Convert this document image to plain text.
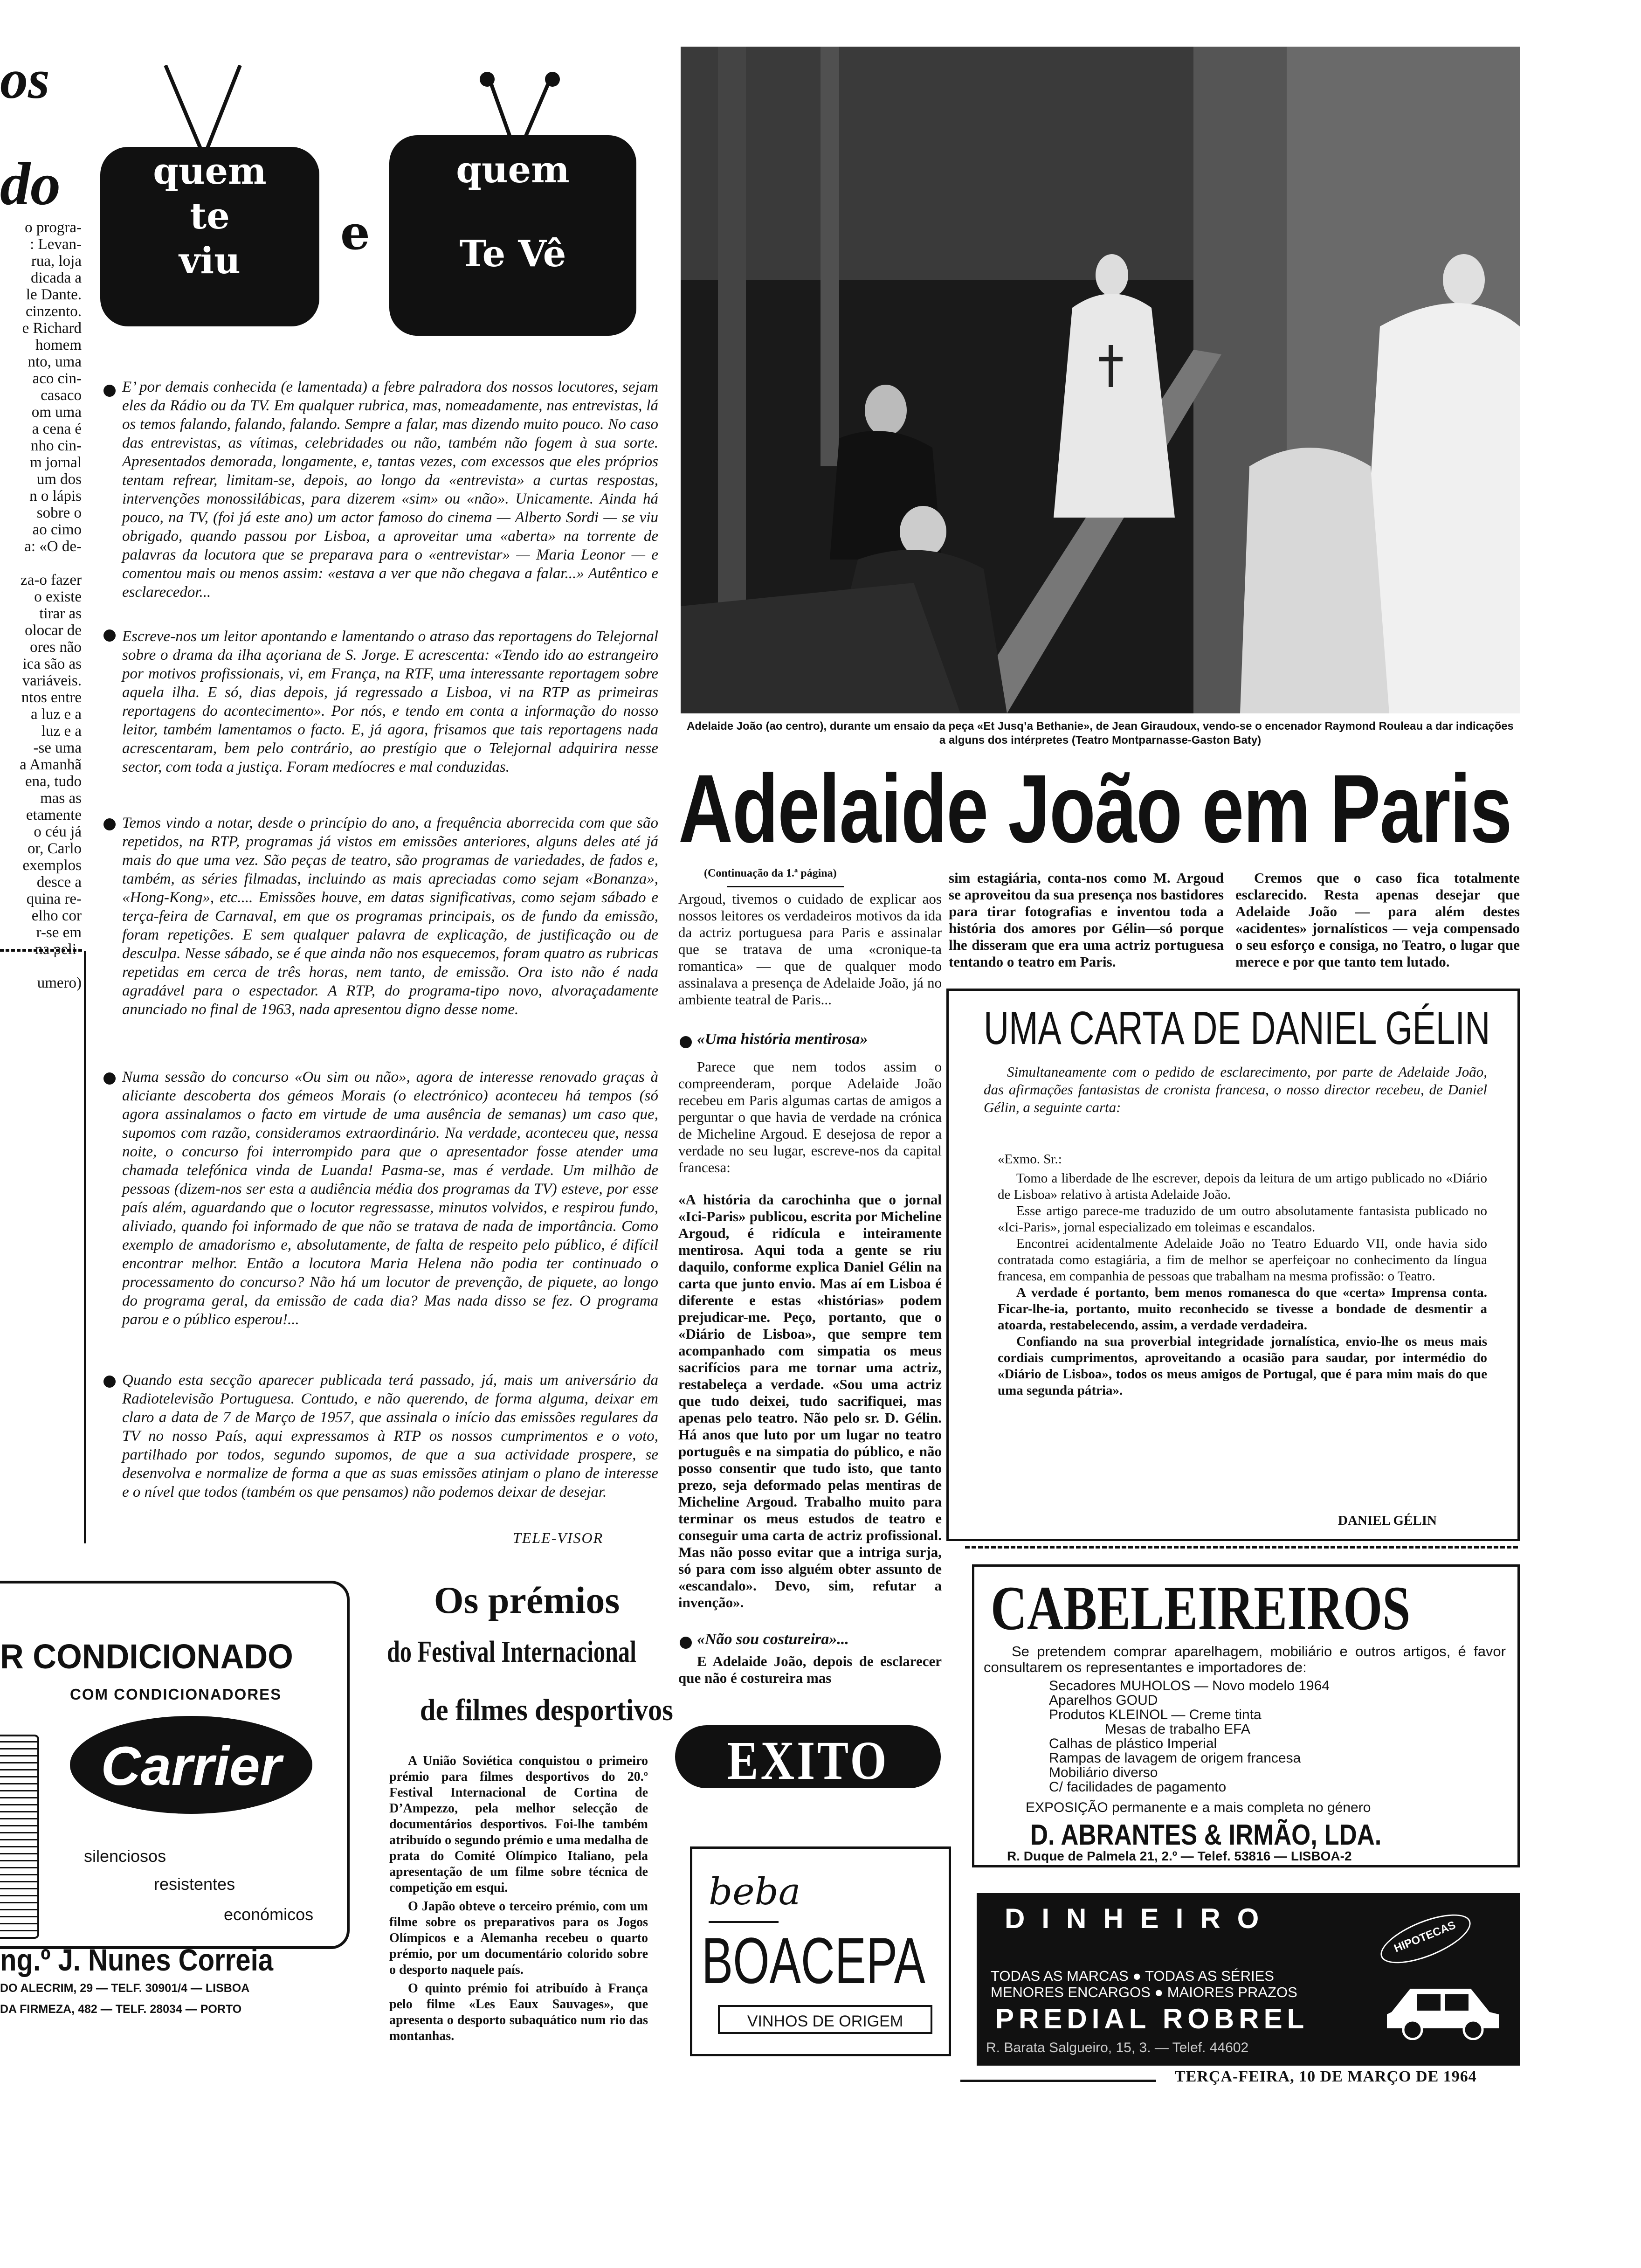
os
do
o progra-
: Levan-
rua, loja
dicada a
le Dante.
cinzento.
e Richard
homem
nto, uma
aco cin-
casaco
om uma
a cena é
nho cin-
m jornal
um dos
n o lápis
sobre o
ao cimo
a: «O de-

za-o fazer
o existe
tirar as
olocar de
ores não
ica são as
variáveis.
ntos entre
a luz e a
luz e a
-se uma
a Amanhã
ena, tudo
mas as
etamente
o céu já
or, Carlo
exemplos
desce a
quina re-
elho cor
r-se em

umero)
quem
te
viu
e
quem
Te Vê
E’ por demais conhecida (e lamentada) a febre palradora dos nossos locutores, sejam eles da Rádio ou da TV. Em qualquer rubrica, mas, nomeadamente, nas entrevistas, lá os temos falando, falando, falando. Sempre a falar, mas dizendo muito pouco. No caso das entrevistas, as vítimas, celebridades ou não, também não fogem à sua sorte. Apresentados demorada, longamente, e, tantas vezes, com excessos que eles próprios tentam refrear, limitam-se, depois, ao longo da «entrevista» a curtas respostas, intervenções monossilábicas, para dizerem «sim» ou «não». Unicamente. Ainda há pouco, na TV, (foi já este ano) um actor famoso do cinema — Alberto Sordi — se viu obrigado, quando passou por Lisboa, a aproveitar uma «aberta» na torrente de palavras da locutora que se preparava para o «entrevistar» — Maria Leonor — e comentou mais ou menos assim: «estava a ver que não chegava a falar...» Autêntico e esclarecedor...
Escreve-nos um leitor apontando e lamentando o atraso das reportagens do Telejornal sobre o drama da ilha açoriana de S. Jorge. E acrescenta: «Tendo ido ao estrangeiro por motivos profissionais, vi, em França, na RTF, uma interessante reportagem sobre aquela ilha. E só, dias depois, já regressado a Lisboa, vi na RTP as primeiras reportagens do acontecimento». Por nós, e tendo em conta a informação do nosso leitor, também lamentamos o facto. E, já agora, frisamos que tais reportagens nada acrescentaram, bem pelo contrário, ao prestígio que o Telejornal adquirira nesse sector, com toda a justiça. Foram medíocres e mal conduzidas.
Temos vindo a notar, desde o princípio do ano, a frequência aborrecida com que são repetidos, na RTP, programas já vistos em emissões anteriores, alguns deles até já mais do que uma vez. São peças de teatro, são programas de variedades, de fados e, também, as séries filmadas, incluindo as mais apreciadas como sejam «Bonanza», «Hong-Kong», etc.... Emissões houve, em datas significativas, como sejam sábado e terça-feira de Carnaval, em que os programas principais, os de fundo da emissão, foram repetições. E sem qualquer palavra de explicação, de justificação ou de desculpa. Nesse sábado, se é que ainda não nos esquecemos, foram quatro as rubricas repetidas em cerca de três horas, nem tanto, de emissão. Ora isto não é nada agradável para o espectador. A RTP, do programa-tipo novo, alvoraçadamente anunciado no final de 1963, nada apresentou digno desse nome.
Numa sessão do concurso «Ou sim ou não», agora de interesse renovado graças à aliciante descoberta dos gémeos Morais (o electrónico) aconteceu há tempos (só agora assinalamos o facto em virtude de uma ausência de semanas) um caso que, supomos com razão, consideramos extraordinário. Na verdade, aconteceu que, nessa noite, o concurso foi interrompido para que o apresentador fosse atender uma chamada telefónica vinda de Luanda! Pasma-se, mas é verdade. Um milhão de pessoas (dizem-nos ser esta a audiência média dos programas da TV) esteve, por esse país além, aguardando que o locutor regressasse, minutos volvidos, e respirou fundo, aliviado, quando foi informado de que não se tratava de nada de importância. Como exemplo de amadorismo e, absolutamente, de falta de respeito pelo público, é difícil encontrar melhor. Então a locutora Maria Helena não podia ter continuado o processamento do concurso? Não há um locutor de prevenção, de piquete, ao longo do programa geral, da emissão de cada dia? Mas nada disso se fez. O programa parou e o público esperou!...
Quando esta secção aparecer publicada terá passado, já, mais um aniversário da Radiotelevisão Portuguesa. Contudo, e não querendo, de forma alguma, deixar em claro a data de 7 de Março de 1957, que assinala o início das emissões regulares da TV no nosso País, aqui expressamos à RTP os nossos cumprimentos e o voto, partilhado por todos, segundo supomos, de que a sua actividade prospere, se desenvolva e normalize de forma a que as suas emissões atinjam o plano de interesse e o nível que todos (também os que pensamos) não podemos deixar de desejar.
TELE-VISOR
Adelaide João (ao centro), durante um ensaio da peça «Et Jusq’a Bethanie», de Jean Giraudoux, vendo-se o encenador Raymond Rouleau a dar indicações a alguns dos intérpretes (Teatro Montparnasse-Gaston Baty)
Adelaide João em Paris
(Continuação da 1.ª página)
Argoud, tivemos o cuidado de explicar aos nossos leitores os verdadeiros motivos da ida da actriz portuguesa para Paris e assinalar que se tratava de uma «cronique-ta romantica» — que de qualquer modo assinalava a presença de Adelaide João, já no ambiente teatral de Paris...
«Uma história mentirosa»
Parece que nem todos assim o compreenderam, porque Adelaide João recebeu em Paris algumas cartas de amigos a perguntar o que havia de verdade na crónica de Micheline Argoud. E desejosa de repor a verdade no seu lugar, escreve-nos da capital francesa:
«A história da carochinha que o jornal «Ici-Paris» publicou, escrita por Micheline Argoud, é ridícula e inteiramente mentirosa. Aqui toda a gente se riu daquilo, conforme explica Daniel Gélin na carta que junto envio. Mas aí em Lisboa é diferente e estas «histórias» podem prejudicar-me. Peço, portanto, que o «Diário de Lisboa», que sempre tem acompanhado com simpatia os meus sacrifícios para me tornar uma actriz, restabeleça a verdade. «Sou uma actriz que tudo deixei, tudo sacrifiquei, mas apenas pelo teatro. Não pelo sr. D. Gélin. Há anos que luto por um lugar no teatro português e na simpatia do público, e não posso consentir que tudo isto, que tanto prezo, seja deformado pelas mentiras de Micheline Argoud. Trabalho muito para terminar os meus estudos de teatro e conseguir uma carta de actriz profissional. Mas não posso evitar que a intriga surja, só para com isso alguém obter assunto de «escandalo». Devo, sim, refutar a invenção».
«Não sou costureira»...
E Adelaide João, depois de esclarecer que não é costureira mas
sim estagiária, conta-nos como M. Argoud se aproveitou da sua presença nos bastidores para tirar fotografias e inventou toda a história dos amores por Gélin—só porque lhe disseram que era uma actriz portuguesa tentando o teatro em Paris.
Cremos que o caso fica totalmente esclarecido. Resta apenas desejar que Adelaide João — para além destes «acidentes» jornalísticos — veja compensado o seu esforço e consiga, no Teatro, o lugar que merece e por que tanto tem lutado.
UMA CARTA DE DANIEL GÉLIN
Simultaneamente com o pedido de esclarecimento, por parte de Adelaide João, das afirmações fantasistas de cronista francesa, o nosso director recebeu, de Daniel Gélin, a seguinte carta:
«Exmo. Sr.:
Tomo a liberdade de lhe escrever, depois da leitura de um artigo publicado no «Diário de Lisboa» relativo à artista Adelaide João.
Esse artigo parece-me traduzido de um outro absolutamente fantasista publicado no «Ici-Paris», jornal especializado em toleimas e escandalos.
Encontrei acidentalmente Adelaide João no Teatro Eduardo VII, onde havia sido contratada como estagiária, a fim de melhor se aperfeiçoar no conhecimento da língua francesa, em companhia de pessoas que trabalham na mesma profissão: o Teatro.
A verdade é portanto, bem menos romanesca do que «certa» Imprensa conta. Ficar-lhe-ia, portanto, muito reconhecido se tivesse a bondade de desmentir a atoarda, restabelecendo, assim, a verdade verdadeira.
Confiando na sua proverbial integridade jornalística, envio-lhe os meus mais cordiais cumprimentos, aproveitando a ocasião para saudar, por intermédio do «Diário de Lisboa», todos os meus amigos de Portugal, que é para mim mais do que uma segunda pátria».
DANIEL GÉLIN
Os prémios
do Festival Internacional
de filmes desportivos
A União Soviética conquistou o primeiro prémio para filmes desportivos do 20.º Festival Internacional de Cortina de D’Ampezzo, pela melhor selecção de documentários desportivos. Foi-lhe também atribuído o segundo prémio e uma medalha de prata do Comité Olímpico Italiano, pela apresentação de um filme sobre técnica de competição em esqui.
O Japão obteve o terceiro prémio, com um filme sobre os preparativos para os Jogos Olímpicos e a Alemanha recebeu o quarto prémio, por um documentário colorido sobre o desporto naquele país.
O quinto prémio foi atribuído à França pelo filme «Les Eaux Sauvages», que apresenta o desporto subaquático num rio das montanhas.
R CONDICIONADO
COM CONDICIONADORES
Carrier
silenciosos
resistentes
económicos
ng.º J. Nunes Correia
DO ALECRIM, 29 — TELF. 30901/4 — LISBOA
DA FIRMEZA, 482 — TELF. 28034 — PORTO
EXITO
beba
BOACEPA
VINHOS DE ORIGEM
CABELEIREIROS
Se pretendem comprar aparelhagem, mobiliário e outros artigos, é favor consultarem os representantes e importadores de:
Secadores MUHOLOS — Novo modelo 1964
Aparelhos GOUD
Produtos KLEINOL — Creme tinta
Mesas de trabalho EFA
Calhas de plástico Imperial
Rampas de lavagem de origem francesa
Mobiliário diverso
C/ facilidades de pagamento
EXPOSIÇÃO permanente e a mais completa no género
D. ABRANTES & IRMÃO, LDA.
R. Duque de Palmela 21, 2.º — Telef. 53816 — LISBOA-2
DINHEIRO
TODAS AS MARCAS ● TODAS AS SÉRIES
MENORES ENCARGOS ● MAIORES PRAZOS
PREDIAL ROBREL
R. Barata Salgueiro, 15, 3. — Telef. 44602
HIPOTECAS
TERÇA-FEIRA, 10 DE MARÇO DE 1964
